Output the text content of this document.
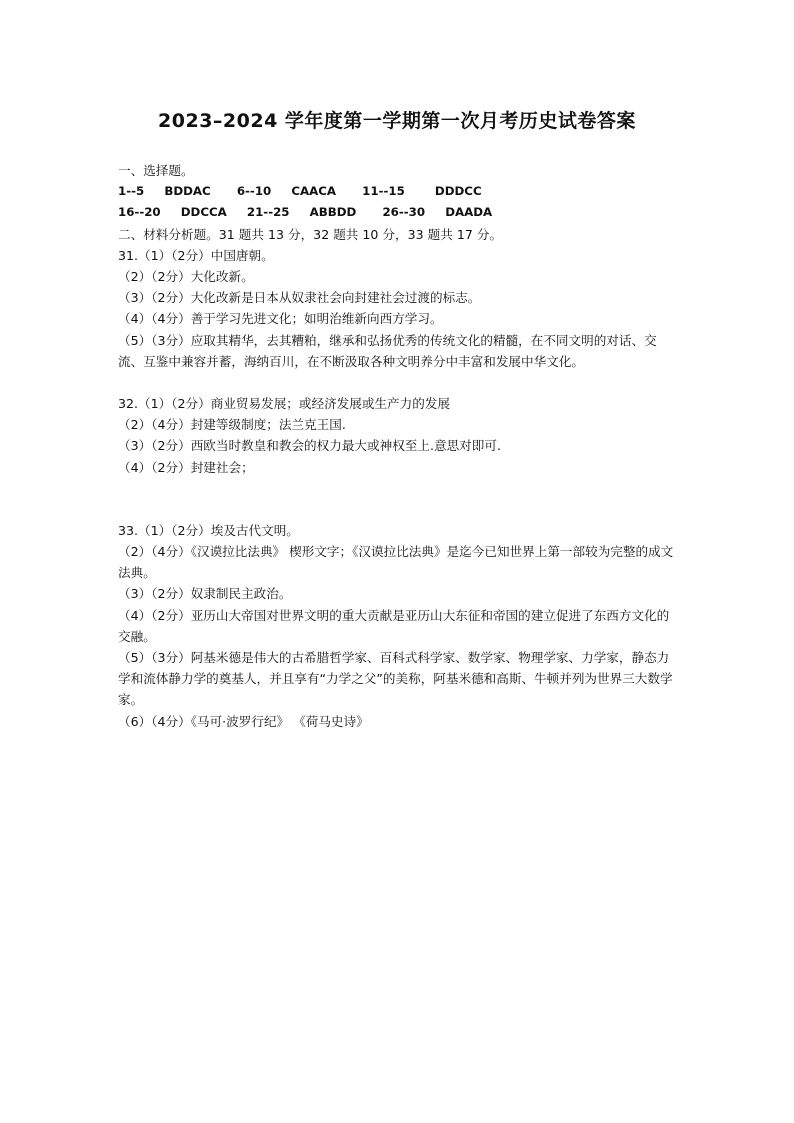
2023–2024 学年度第一学期第一次月考历史试卷答案
一、选择题。
1--5 BDDAC 6--10 CAACA 11--15	DDDCC
16--20 DDCCA 21--25 ABBDD 26--30 DAADA
二、材料分析题。31 题共 13 分，32 题共 10 分，33 题共 17 分。
31.（1）（2分）中国唐朝。
（2）（2分）大化改新。
（3）（2分）大化改新是日本从奴隶社会向封建社会过渡的标志。
（4）（4分）善于学习先进文化；如明治维新向西方学习。
（5）（3分）应取其精华，去其糟粕，继承和弘扬优秀的传统文化的精髓，在不同文明的对话、交流、互鉴中兼容并蓄，海纳百川，在不断汲取各种文明养分中丰富和发展中华文化。
32.（1）（2分）商业贸易发展；或经济发展或生产力的发展
（2）（4分）封建等级制度；法兰克王国.
（3）（2分）西欧当时教皇和教会的权力最大或神权至上.意思对即可.
（4）（2分）封建社会；
33.（1）（2分）埃及古代文明。
（2）（4分）《汉谟拉比法典》 楔形文字；《汉谟拉比法典》是迄今已知世界上第一部较为完整的成文法典。
（3）（2分）奴隶制民主政治。
（4）（2分）亚历山大帝国对世界文明的重大贡献是亚历山大东征和帝国的建立促进了东西方文化的交融。
（5）（3分）阿基米德是伟大的古希腊哲学家、百科式科学家、数学家、物理学家、力学家，静态力学和流体静力学的奠基人，并且享有“力学之父”的美称，阿基米德和高斯、牛顿并列为世界三大数学家。
（6）（4分）《马可·波罗行纪》 《荷马史诗》
